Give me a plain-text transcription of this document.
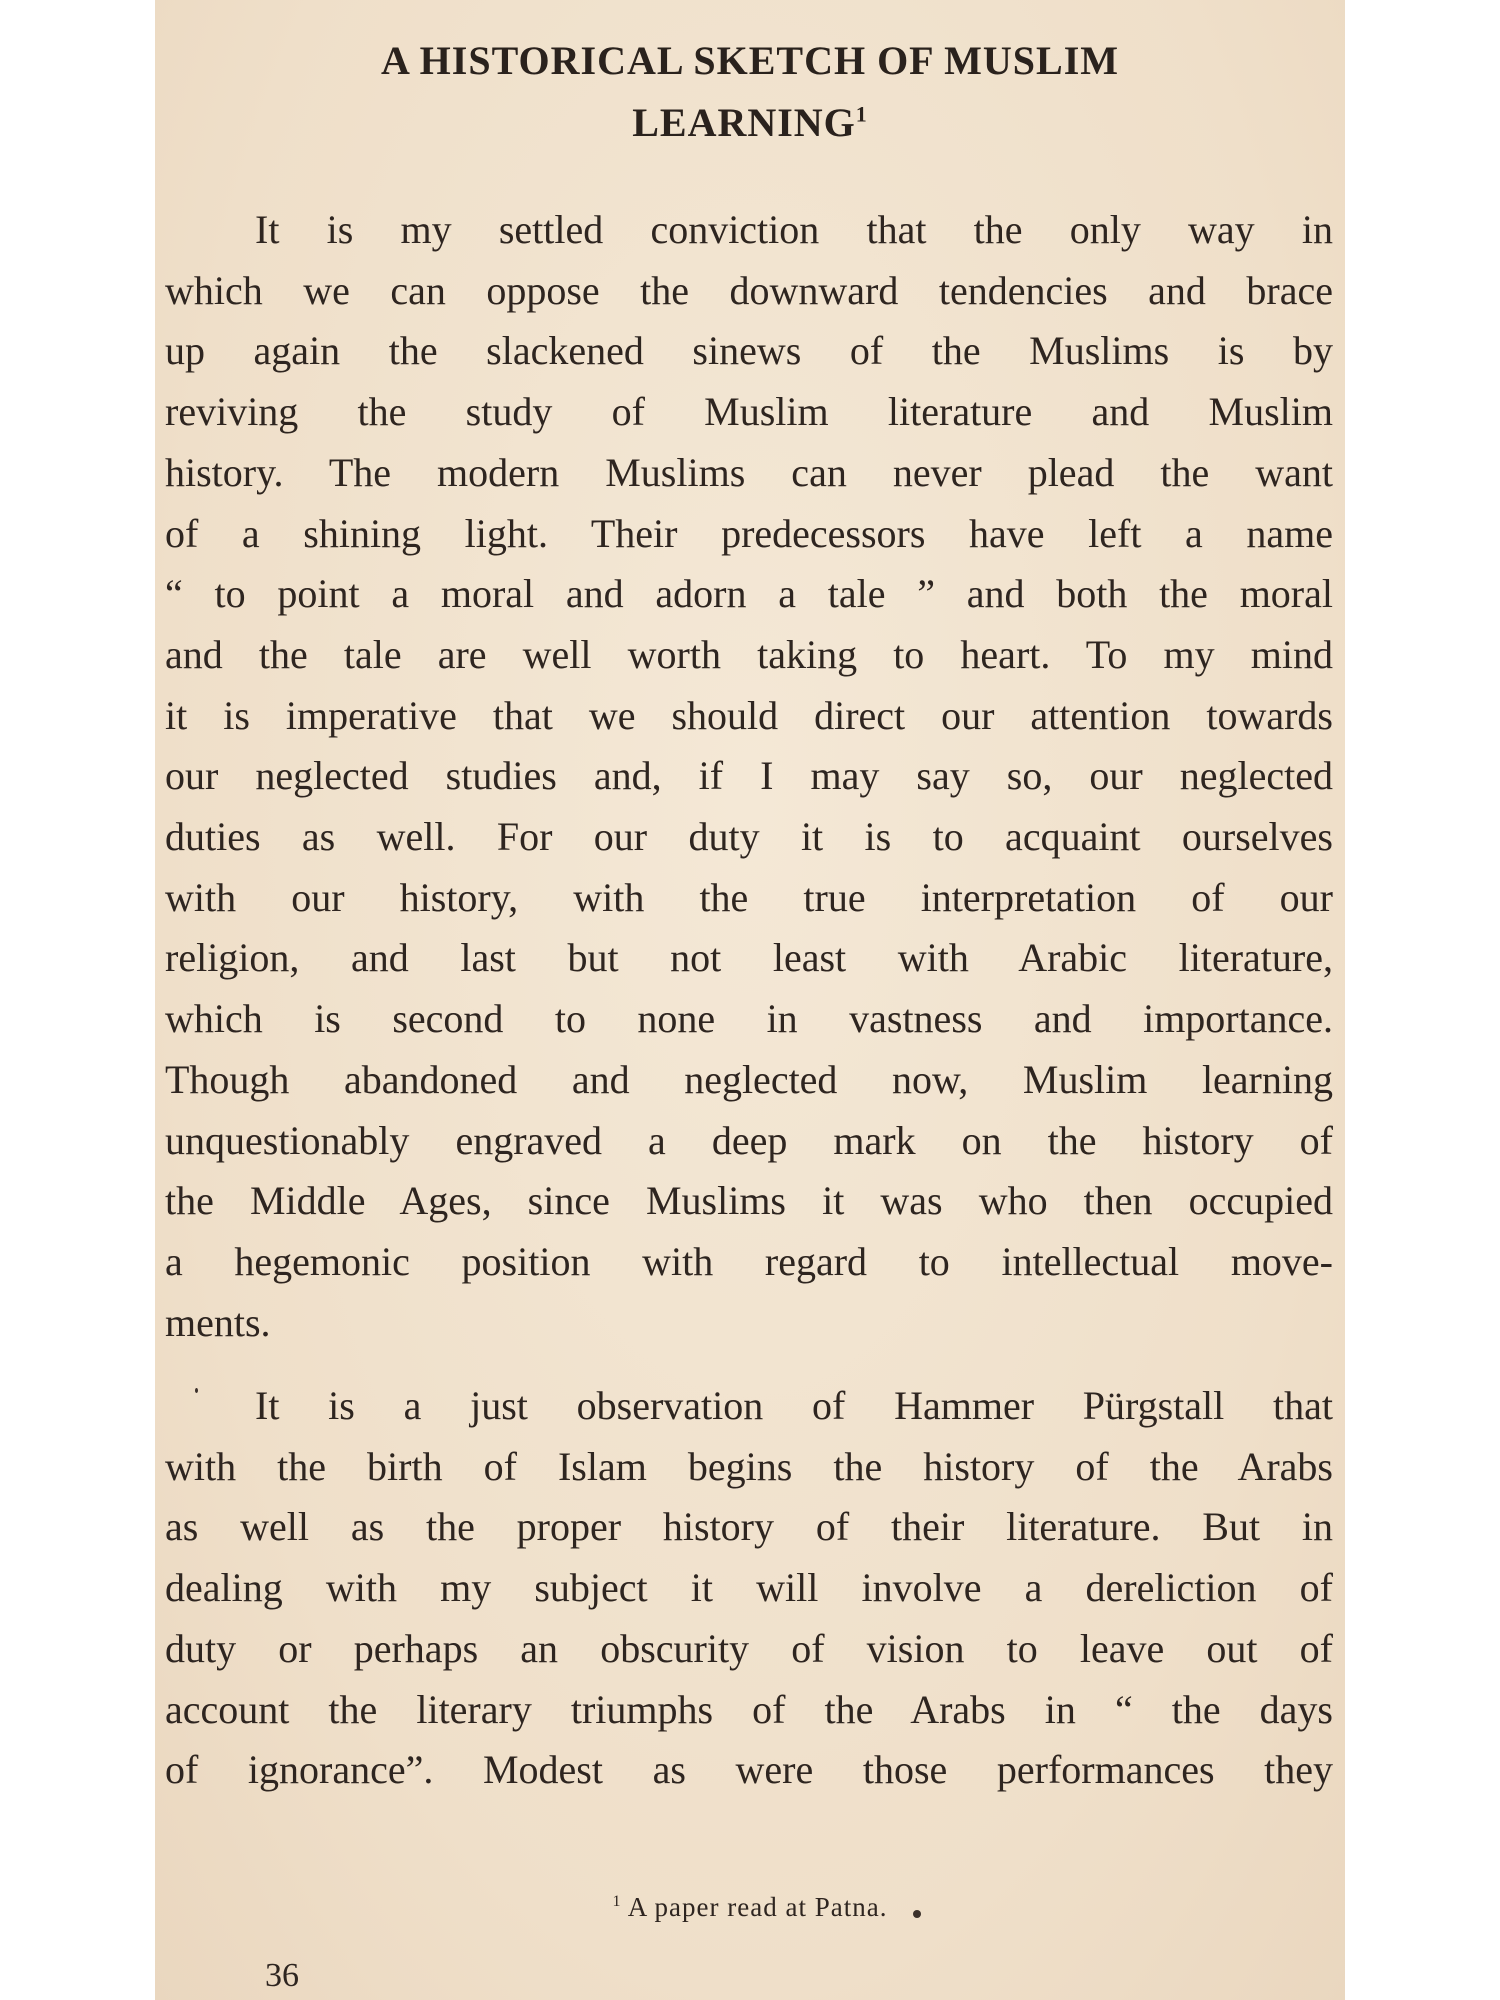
A HISTORICAL SKETCH OF MUSLIM
LEARNING$^1$
It is my settled conviction that the only way in
which we can oppose the downward tendencies and brace
up again the slackened sinews of the Muslims is by
reviving the study of Muslim literature and Muslim
history. The modern Muslims can never plead the want
of a shining light. Their predecessors have left a name
“ to point a moral and adorn a tale ” and both the moral
and the tale are well worth taking to heart. To my mind
it is imperative that we should direct our attention towards
our neglected studies and, if I may say so, our neglected
duties as well. For our duty it is to acquaint ourselves
with our history, with the true interpretation of our
religion, and last but not least with Arabic literature,
which is second to none in vastness and importance.
Though abandoned and neglected now, Muslim learning
unquestionably engraved a deep mark on the history of
the Middle Ages, since Muslims it was who then occupied
a hegemonic position with regard to intellectual move-
ments.
It is a just observation of Hammer Pürgstall that
with the birth of Islam begins the history of the Arabs
as well as the proper history of their literature. But in
dealing with my subject it will involve a dereliction of
duty or perhaps an obscurity of vision to leave out of
account the literary triumphs of the Arabs in “ the days
of ignorance”. Modest as were those performances they
$^1$ A paper read at Patna.
36
